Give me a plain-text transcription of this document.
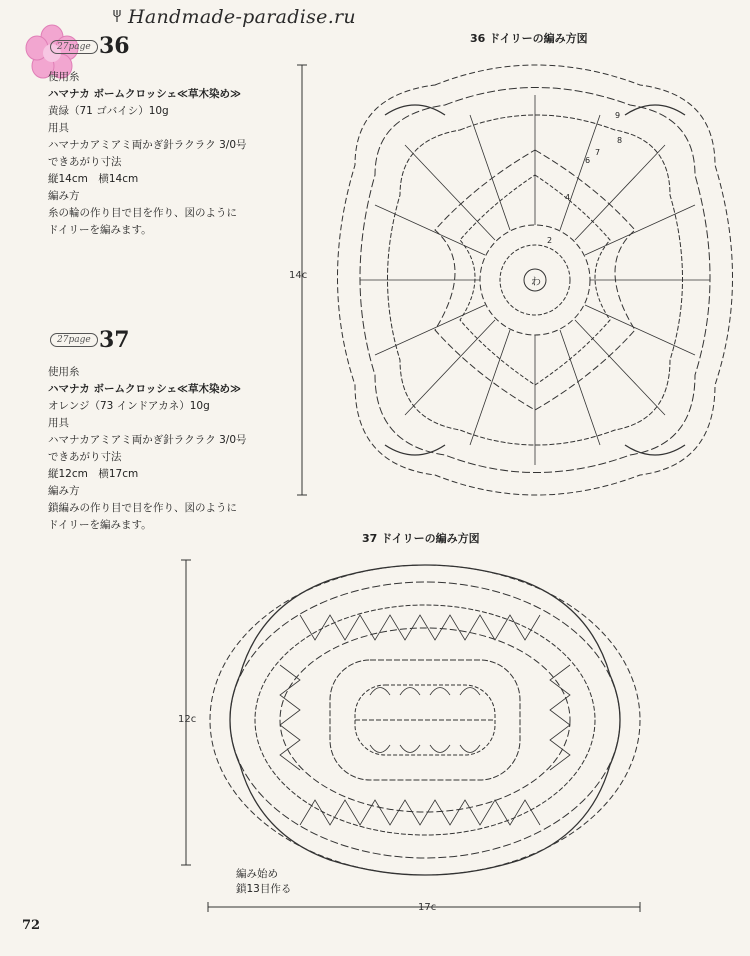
Handmade-paradise.ru
27page 36
使用糸
ハマナカ ボームクロッシェ≪草木染め≫
黄緑（71 ゴバイシ）10g
用具
ハマナカアミアミ両かぎ針ラクラク 3/0号
できあがり寸法
縦14cm　横14cm
編み方
糸の輪の作り目で目を作り、図のように
ドイリーを編みます。
27page 37
使用糸
ハマナカ ボームクロッシェ≪草木染め≫
オレンジ（73 インドアカネ）10g
用具
ハマナカアミアミ両かぎ針ラクラク 3/0号
できあがり寸法
縦12cm　横17cm
編み方
鎖編みの作り目で目を作り、図のように
ドイリーを編みます。
36 ドイリーの編み方図
14c
わ
2
4
6
7
8
9
37 ドイリーの編み方図
12c
17c
編み始め
鎖13目作る
72
